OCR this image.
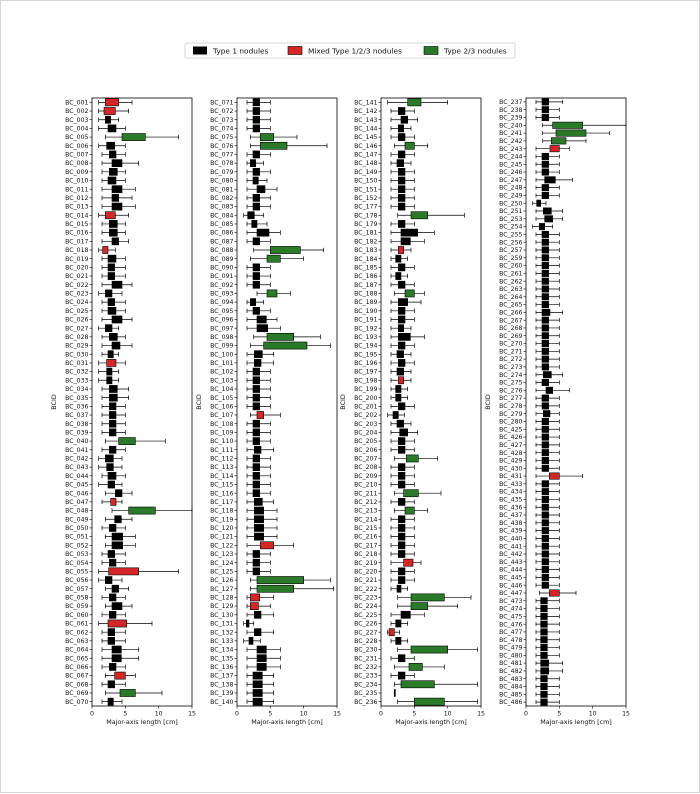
Type 1 nodules	Mixed Type 1/2/3 nodules	Type 2/3 nodules
BC_001
BC_002
BC_003
BC_004
BC_005
BC_006
BC_007
BC_008
BC_009
BC_010
BC_011
BC_012
BC_013
BC_014
BC_015
BC_016
BC_017
BC_018
BC_019
BC_020
BC_021
BC_022
BC_023
BC_024
BC_025
BC_026
BC_027
BC_028
BC_029
BC_030
BC_031
BC_032
BC_033
BC_034
BC_035
BC_036
BC_037
BC_038
BC_039
BC_040
BC_041
BC_042
BC_043
BC_044
BC_045
BC_046
BC_047
BC_048
BC_049
BC_050
BC_051
BC_052
BC_053
BC_054
BC_055
BC_056
BC_057
BC_058
BC_059
BC_060
BC_061
BC_062
BC_063
BC_064
BC_065
BC_066
BC_067
BC_068
BC_069
BC_070
0	5	10	15
Major-axis length [cm]
BCID
BC_071
BC_072
BC_073
BC_074
BC_075
BC_076
BC_077
BC_078
BC_079
BC_080
BC_081
BC_082
BC_083
BC_084
BC_085
BC_086
BC_087
BC_088
BC_089
BC_090
BC_091
BC_092
BC_093
BC_094
BC_095
BC_096
BC_097
BC_098
BC_099
BC_100
BC_101
BC_102
BC_103
BC_104
BC_105
BC_106
BC_107
BC_108
BC_109
BC_110
BC_111
BC_112
BC_113
BC_114
BC_115
BC_116
BC_117
BC_118
BC_119
BC_120
BC_121
BC_122
BC_123
BC_124
BC_125
BC_126
BC_127
BC_128
BC_129
BC_130
BC_131
BC_132
BC_133
BC_134
BC_135
BC_136
BC_137
BC_138
BC_139
BC_140
0	5	10	15
Major-axis length [cm]
BCID
BC_141
BC_142
BC_143
BC_144
BC_145
BC_146
BC_147
BC_148
BC_149
BC_150
BC_151
BC_152
BC_177
BC_178
BC_179
BC_181
BC_182
BC_183
BC_184
BC_185
BC_186
BC_187
BC_188
BC_189
BC_190
BC_191
BC_192
BC_193
BC_194
BC_195
BC_196
BC_197
BC_198
BC_199
BC_200
BC_201
BC_202
BC_203
BC_204
BC_205
BC_206
BC_207
BC_208
BC_209
BC_210
BC_211
BC_212
BC_213
BC_214
BC_215
BC_216
BC_217
BC_218
BC_219
BC_220
BC_221
BC_222
BC_223
BC_224
BC_225
BC_226
BC_227
BC_228
BC_230
BC_231
BC_232
BC_233
BC_234
BC_235
BC_236
0	5	10	15
Major-axis length [cm]
BCID
BC_237
BC_238
BC_239
BC_240
BC_241
BC_242
BC_243
BC_244
BC_245
BC_246
BC_247
BC_248
BC_249
BC_250
BC_251
BC_253
BC_254
BC_255
BC_256
BC_257
BC_259
BC_260
BC_261
BC_262
BC_263
BC_264
BC_265
BC_266
BC_267
BC_268
BC_269
BC_270
BC_271
BC_272
BC_273
BC_274
BC_275
BC_276
BC_277
BC_278
BC_279
BC_280
BC_425
BC_426
BC_427
BC_428
BC_429
BC_430
BC_431
BC_433
BC_434
BC_435
BC_436
BC_437
BC_438
BC_439
BC_440
BC_441
BC_442
BC_443
BC_444
BC_445
BC_446
BC_447
BC_473
BC_474
BC_475
BC_476
BC_477
BC_478
BC_479
BC_480
BC_481
BC_482
BC_483
BC_484
BC_485
BC_486
0	5	10	15
Major-axis length [cm]
BCID
